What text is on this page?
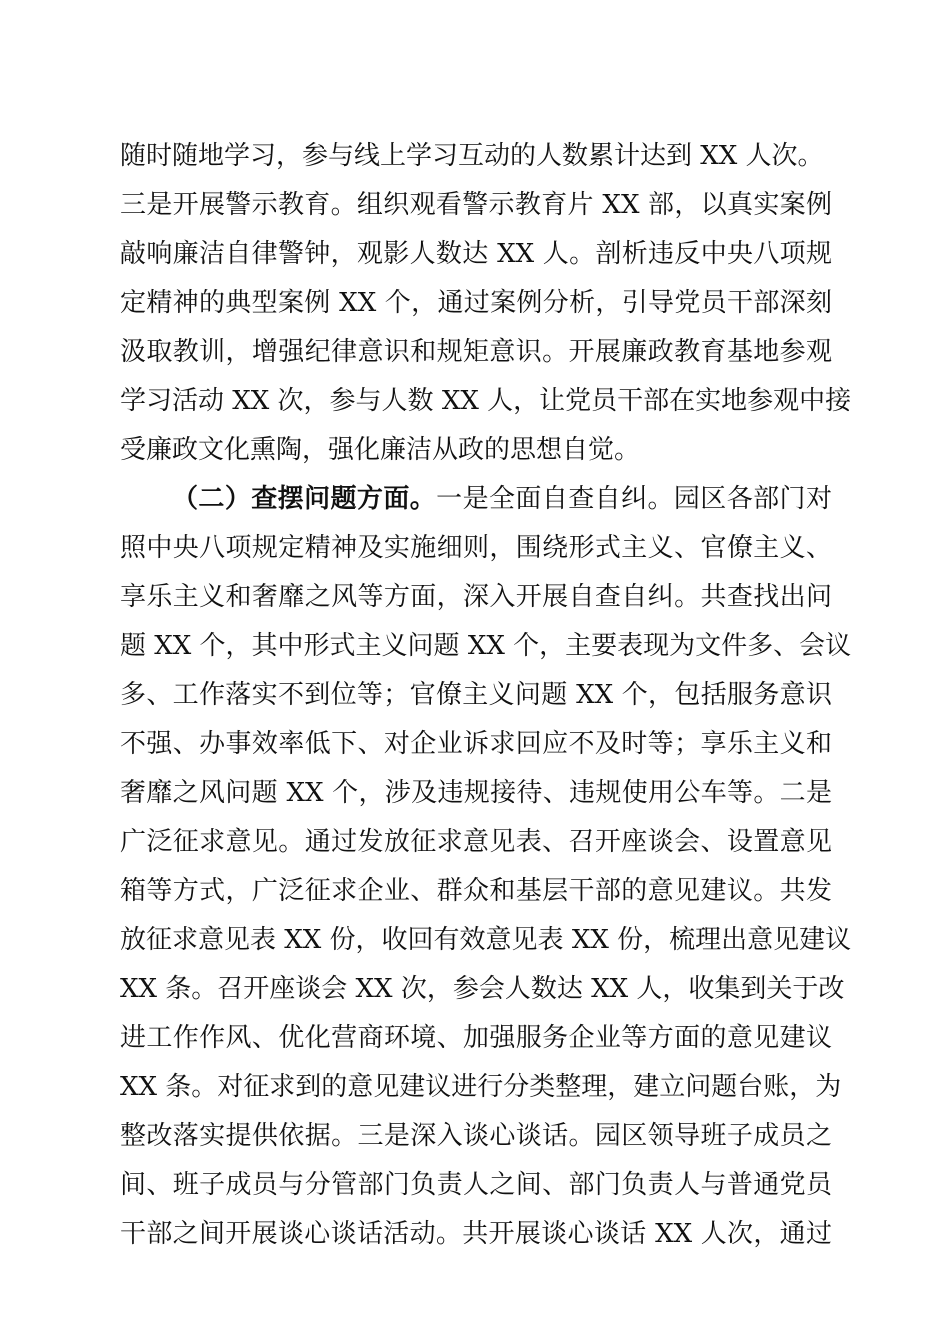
随时随地学习，参与线上学习互动的人数累计达到 XX 人次。
三是开展警示教育。组织观看警示教育片 XX 部，以真实案例
敲响廉洁自律警钟，观影人数达 XX 人。剖析违反中央八项规
定精神的典型案例 XX 个，通过案例分析，引导党员干部深刻
汲取教训，增强纪律意识和规矩意识。开展廉政教育基地参观
学习活动 XX 次，参与人数 XX 人，让党员干部在实地参观中接
受廉政文化熏陶，强化廉洁从政的思想自觉。
（二）查摆问题方面。一是全面自查自纠。园区各部门对
照中央八项规定精神及实施细则，围绕形式主义、官僚主义、
享乐主义和奢靡之风等方面，深入开展自查自纠。共查找出问
题 XX 个，其中形式主义问题 XX 个，主要表现为文件多、会议
多、工作落实不到位等；官僚主义问题 XX 个，包括服务意识
不强、办事效率低下、对企业诉求回应不及时等；享乐主义和
奢靡之风问题 XX 个，涉及违规接待、违规使用公车等。二是
广泛征求意见。通过发放征求意见表、召开座谈会、设置意见
箱等方式，广泛征求企业、群众和基层干部的意见建议。共发
放征求意见表 XX 份，收回有效意见表 XX 份，梳理出意见建议
XX 条。召开座谈会 XX 次，参会人数达 XX 人，收集到关于改
进工作作风、优化营商环境、加强服务企业等方面的意见建议
XX 条。对征求到的意见建议进行分类整理，建立问题台账，为
整改落实提供依据。三是深入谈心谈话。园区领导班子成员之
间、班子成员与分管部门负责人之间、部门负责人与普通党员
干部之间开展谈心谈话活动。共开展谈心谈话 XX 人次，通过
